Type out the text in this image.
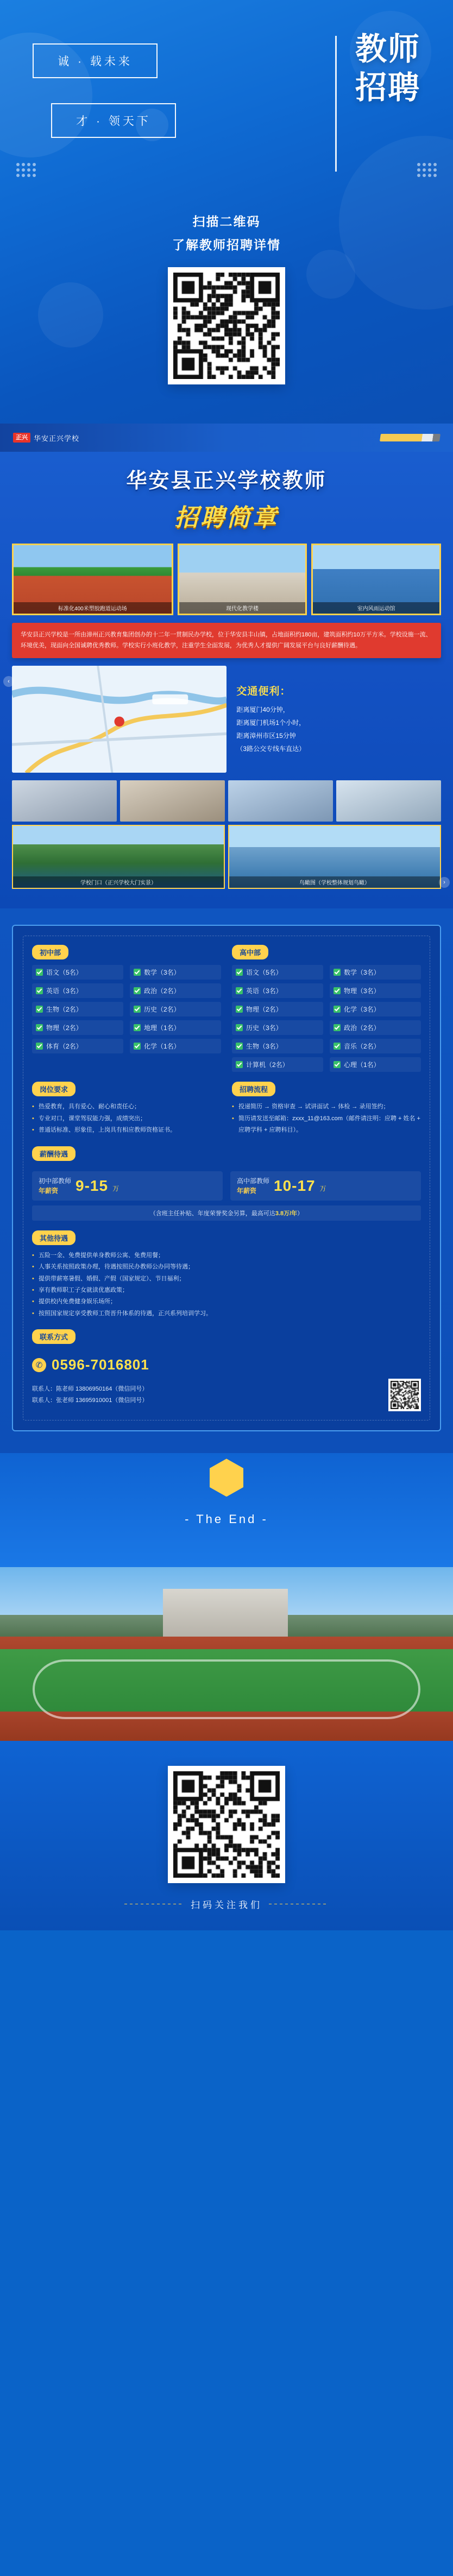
诚 · 载未来
才 · 领天下
教师招聘
扫描二维码
了解教师招聘详情
正兴 华安正兴学校
华安县正兴学校教师
招聘简章
标准化400米塑胶跑道运动场	现代化教学楼	室内风雨运动馆
华安县正兴学校是一所由漳州正兴教育集团创办的十二年一贯制民办学校，位于华安县丰山镇，占地面积约180亩，建筑面积约10万平方米。学校设施一流、环境优美，现面向全国诚聘优秀教师。学校实行小班化教学，注重学生全面发展，为优秀人才提供广阔发展平台与良好薪酬待遇。
交通便利：

距离厦门40分钟，

距离厦门机场1个小时，

距离漳州市区15分钟

（3路公交专线车直达）

学校门口（正兴学校大门实景）	鸟瞰图（学校整体规划鸟瞰）
‹
›
初中部
语文（5名）	数学（3名）
英语（3名）	政治（2名）
生物（2名）	历史（2名）
物理（2名）	地理（1名）
体育（2名）	化学（1名）
高中部
语文（5名）	数学（3名）
英语（3名）	物理（3名）
物理（2名）	化学（3名）
历史（3名）	政治（2名）
生物（3名）	音乐（2名）
计算机（2名）	心理（1名）
岗位要求
• 热爱教育，具有爱心、耐心和责任心；
• 专业对口，课堂驾驭能力强，成绩突出；
• 普通话标准、形象佳，上岗具有相应教师资格证书。
招聘流程
• 投递简历 → 资格审查 → 试讲面试 → 体检 → 录用签约；
• 简历请发送至邮箱：zxxx_11@163.com（邮件请注明：应聘 + 姓名 + 应聘学科 + 应聘科目）。
薪酬待遇
初中部教师
年薪资	9-15 万
高中部教师
年薪资	10-17 万
（含班主任补贴、年度荣誉奖金另算，最高可达3.8万/年）
其他待遇
• 五险一金、免费提供单身教师公寓、免费用餐；
• 人事关系按照政策办理，待遇按照民办教师公办同等待遇；
• 提供带薪寒暑假、婚假、产假（国家规定）、节日福利；
• 享有教师职工子女就读优惠政策；
• 提供校内免费健身娱乐场所；
• 按照国家规定享受教师工资晋升体系的待遇，正兴系列培训学习。
联系方式
✆ 0596-7016801
联系人：陈老师 13806950164（微信同号）
联系人：张老师 13695910001（微信同号）
- The End -
扫码关注我们
